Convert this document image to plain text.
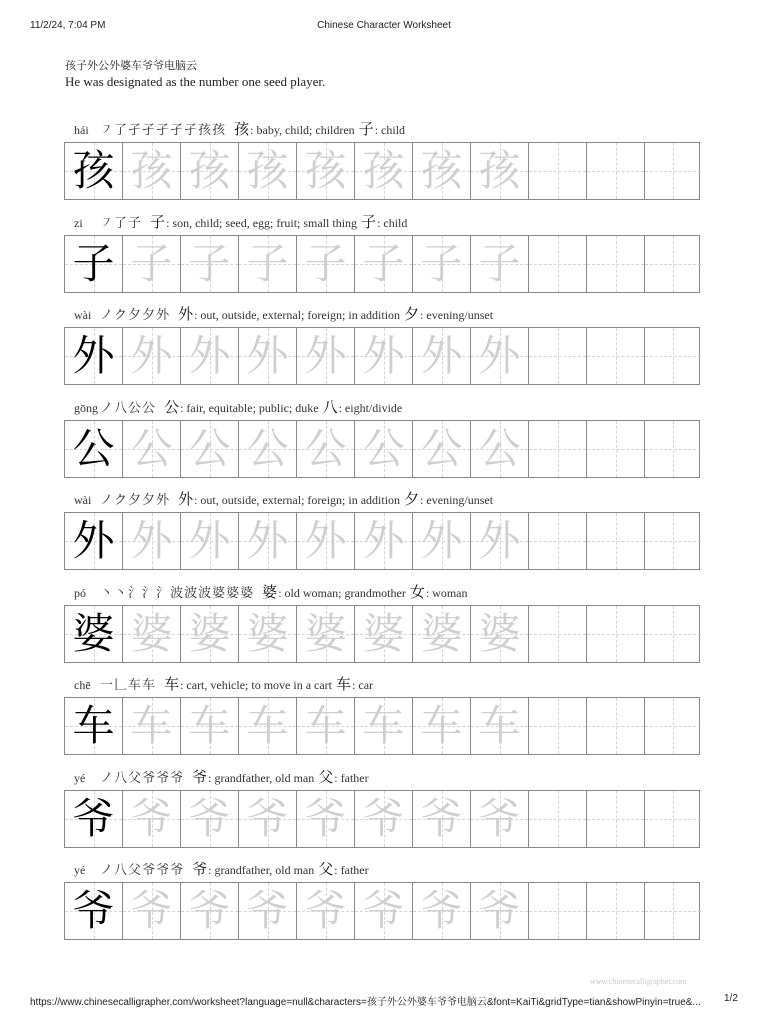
11/2/24, 7:04 PM	Chinese Character Worksheet
孩子外公外婆车爷爷电脑云
He was designated as the number one seed player.
hái ㇇了孑孑孑孑孑孩孩 孩 : baby, child; children 子 : child
孩 孩 孩 孩 孩 孩 孩 孩
zi	㇇了子 子 : son, child; seed, egg; fruit; small thing 子 : child
子 子 子 子 子 子 子 子
wài ノク夕夕外 外 : out, outside, external; foreign; in addition 夕 : evening/unset
外 外 外 外 外 外 外 外
gōng ノ八公公 公 : fair, equitable; public; duke 八 : eight/divide
公 公 公 公 公 公 公 公
wài ノク夕夕外 外 : out, outside, external; foreign; in addition 夕 : evening/unset
外 外 外 外 外 外 外 外
pó	丶丶氵氵氵波波波婆婆婆 婆 : old woman; grandmother 女 : woman
婆 婆 婆 婆 婆 婆 婆 婆
chē 一𠃊车车 车 : cart, vehicle; to move in a cart 车 : car
车 车 车 车 车 车 车 车
yé	ノ八父爷爷爷 爷 : grandfather, old man 父 : father
爷 爷 爷 爷 爷 爷 爷 爷
yé	ノ八父爷爷爷 爷 : grandfather, old man 父 : father
爷 爷 爷 爷 爷 爷 爷 爷
www.chinesecalligrapher.com
https://www.chinesecalligrapher.com/worksheet?language=null&characters=孩子外公外婆车爷爷电脑云&font=KaiTi&gridType=tian&showPinyin=true&...	1/2
